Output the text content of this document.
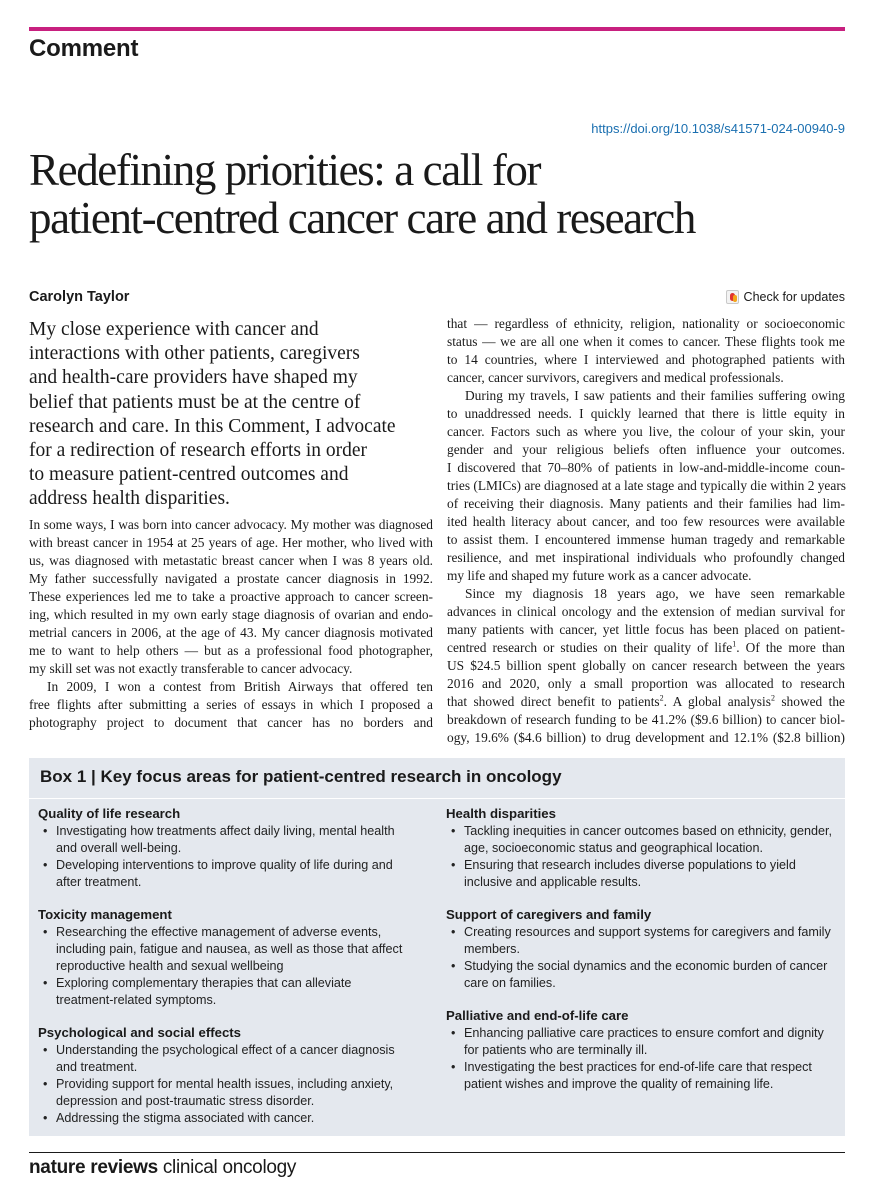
Comment
https://doi.org/10.1038/s41571-024-00940-9
Redefining priorities: a call for
patient-centred cancer care and research
Carolyn Taylor	Check for updates
My close experience with cancer and
interactions with other patients, caregivers
and health-care providers have shaped my
belief that patients must be at the centre of
research and care. In this Comment, I advocate
for a redirection of research efforts in order
to measure patient-centred outcomes and
address health disparities.
In some ways, I was born into cancer advocacy. My mother was diagnosed
with breast cancer in 1954 at 25 years of age. Her mother, who lived with
us, was diagnosed with metastatic breast cancer when I was 8 years old.
My father successfully navigated a prostate cancer diagnosis in 1992.
These experiences led me to take a proactive approach to cancer screen-
ing, which resulted in my own early stage diagnosis of ovarian and endo-
metrial cancers in 2006, at the age of 43. My cancer diagnosis motivated
me to want to help others — but as a professional food photographer,
my skill set was not exactly transferable to cancer advocacy.
In 2009, I won a contest from British Airways that offered ten
free flights after submitting a series of essays in which I proposed a
photography project to document that cancer has no borders and
that — regardless of ethnicity, religion, nationality or socioeconomic
status — we are all one when it comes to cancer. These flights took me
to 14 countries, where I interviewed and photographed patients with
cancer, cancer survivors, caregivers and medical professionals.
During my travels, I saw patients and their families suffering owing
to unaddressed needs. I quickly learned that there is little equity in
cancer. Factors such as where you live, the colour of your skin, your
gender and your religious beliefs often influence your outcomes.
I discovered that 70–80% of patients in low-and-middle-income coun-
tries (LMICs) are diagnosed at a late stage and typically die within 2 years
of receiving their diagnosis. Many patients and their families had lim-
ited health literacy about cancer, and too few resources were available
to assist them. I encountered immense human tragedy and remarkable
resilience, and met inspirational individuals who profoundly changed
my life and shaped my future work as a cancer advocate.
Since my diagnosis 18 years ago, we have seen remarkable
advances in clinical oncology and the extension of median survival for
many patients with cancer, yet little focus has been placed on patient-
centred research or studies on their quality of life$^1$. Of the more than
US $24.5 billion spent globally on cancer research between the years
2016 and 2020, only a small proportion was allocated to research
that showed direct benefit to patients$^2$. A global analysis$^2$ showed the
breakdown of research funding to be 41.2% ($9.6 billion) to cancer biol-
ogy, 19.6% ($4.6 billion) to drug development and 12.1% ($2.8 billion)
Box 1 | Key focus areas for patient-centred research in oncology
Quality of life research
• Investigating how treatments affect daily living, mental health
and overall well-being.
• Developing interventions to improve quality of life during and
after treatment.
Toxicity management
• Researching the effective management of adverse events,
including pain, fatigue and nausea, as well as those that affect
reproductive health and sexual wellbeing
• Exploring complementary therapies that can alleviate
treatment-related symptoms.
Psychological and social effects
• Understanding the psychological effect of a cancer diagnosis
and treatment.
• Providing support for mental health issues, including anxiety,
depression and post-traumatic stress disorder.
• Addressing the stigma associated with cancer.
Health disparities
• Tackling inequities in cancer outcomes based on ethnicity, gender,
age, socioeconomic status and geographical location.
• Ensuring that research includes diverse populations to yield
inclusive and applicable results.
Support of caregivers and family
• Creating resources and support systems for caregivers and family
members.
• Studying the social dynamics and the economic burden of cancer
care on families.
Palliative and end-of-life care
• Enhancing palliative care practices to ensure comfort and dignity
for patients who are terminally ill.
• Investigating the best practices for end-of-life care that respect
patient wishes and improve the quality of remaining life.
nature reviews clinical oncology
